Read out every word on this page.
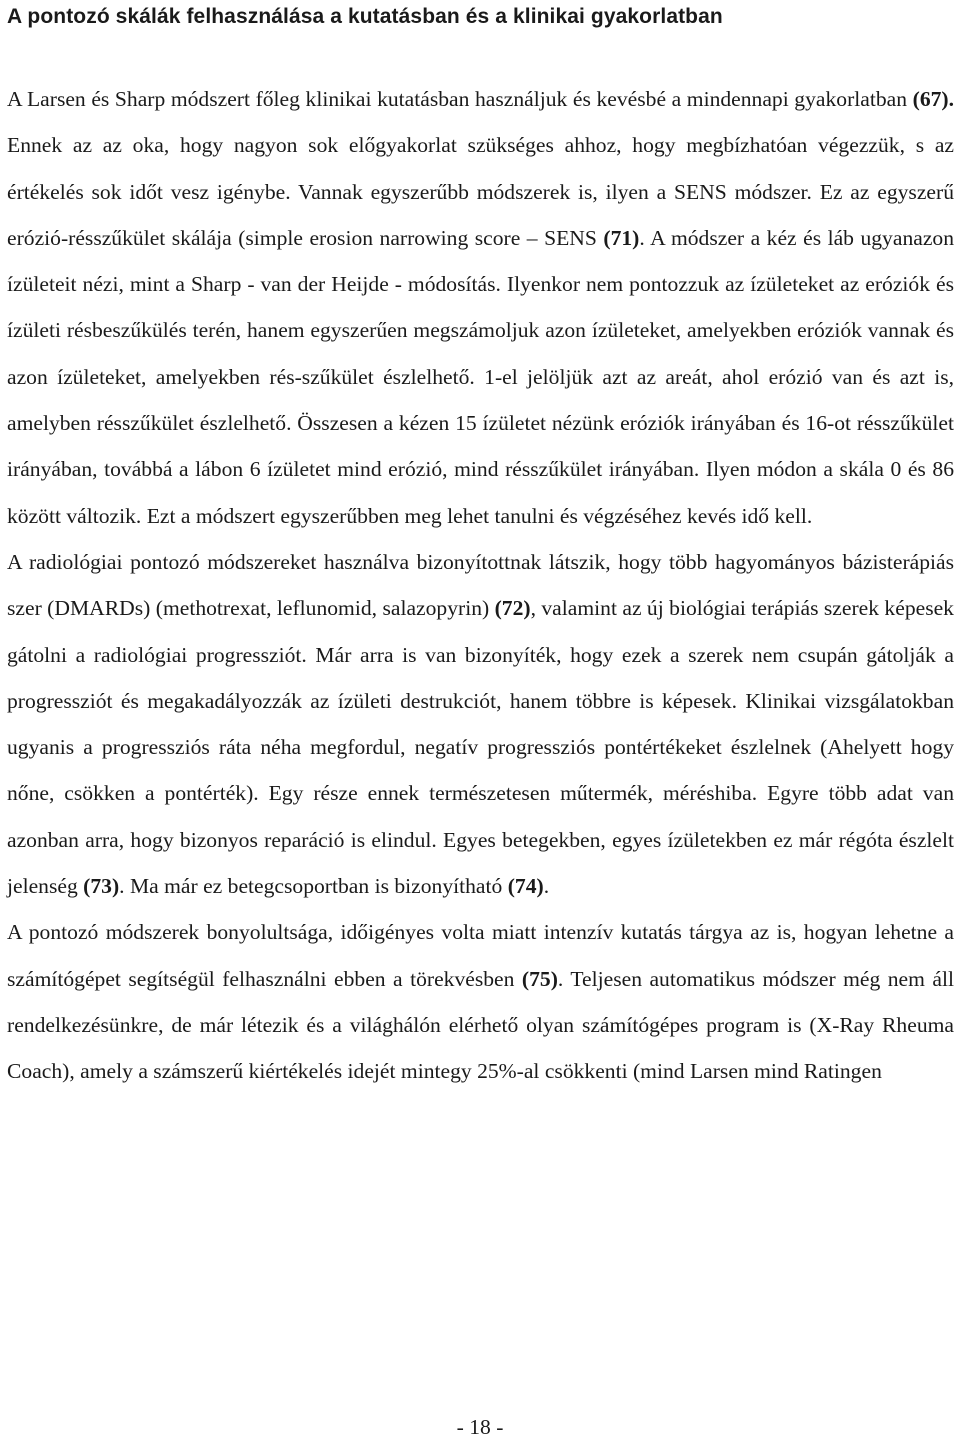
A pontozó skálák felhasználása a kutatásban és a klinikai gyakorlatban

A Larsen és Sharp módszert főleg klinikai kutatásban használjuk és kevésbé a mindennapi gyakorlatban (67). Ennek az az oka, hogy nagyon sok előgyakorlat szükséges ahhoz, hogy megbízhatóan végezzük, s az értékelés sok időt vesz igénybe. Vannak egyszerűbb módszerek is, ilyen a SENS módszer. Ez az egyszerű erózió-résszűkület skálája (simple erosion narrowing score – SENS (71). A módszer a kéz és láb ugyanazon ízületeit nézi, mint a Sharp - van der Heijde - módosítás. Ilyenkor nem pontozzuk az ízületeket az eróziók és ízületi résbeszűkülés terén, hanem egyszerűen megszámoljuk azon ízületeket, amelyekben eróziók vannak és azon ízületeket, amelyekben rés-szűkület észlelhető. 1-el jelöljük azt az areát, ahol erózió van és azt is, amelyben résszűkület észlelhető. Összesen a kézen 15 ízületet nézünk eróziók irányában és 16-ot résszűkület irányában, továbbá a lábon 6 ízületet mind erózió, mind résszűkület irányában. Ilyen módon a skála 0 és 86 között változik. Ezt a módszert egyszerűbben meg lehet tanulni és végzéséhez kevés idő kell.

A radiológiai pontozó módszereket használva bizonyítottnak látszik, hogy több hagyományos bázisterápiás szer (DMARDs) (methotrexat, leflunomid, salazopyrin) (72), valamint az új biológiai terápiás szerek képesek gátolni a radiológiai progressziót. Már arra is van bizonyíték, hogy ezek a szerek nem csupán gátolják a progressziót és megakadályozzák az ízületi destrukciót, hanem többre is képesek. Klinikai vizsgálatokban ugyanis a progressziós ráta néha megfordul, negatív progressziós pontértékeket észlelnek (Ahelyett hogy nőne, csökken a pontérték). Egy része ennek természetesen műtermék, méréshiba. Egyre több adat van azonban arra, hogy bizonyos reparáció is elindul. Egyes betegekben, egyes ízületekben ez már régóta észlelt jelenség (73). Ma már ez betegcsoportban is bizonyítható (74).

A pontozó módszerek bonyolultsága, időigényes volta miatt intenzív kutatás tárgya az is, hogyan lehetne a számítógépet segítségül felhasználni ebben a törekvésben (75). Teljesen automatikus módszer még nem áll rendelkezésünkre, de már létezik és a világhálón elérhető olyan számítógépes program is (X-Ray Rheuma Coach), amely a számszerű kiértékelés idejét mintegy 25%-al csökkenti (mind Larsen mind Ratingen

- 18 -
